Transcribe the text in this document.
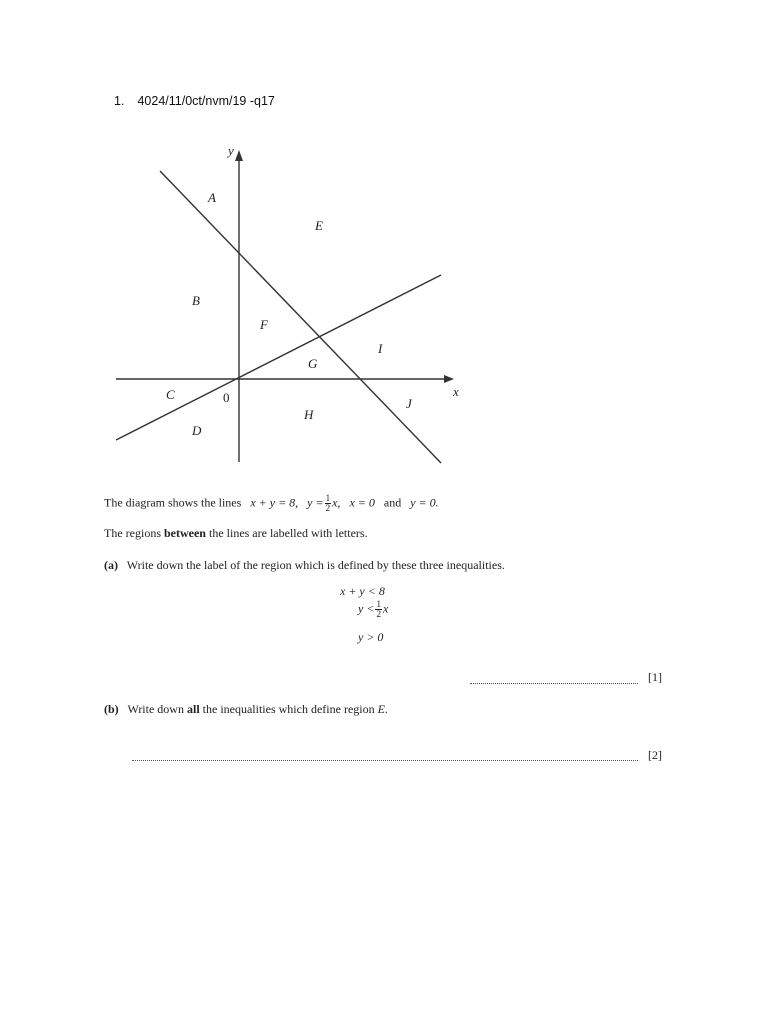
1. 4024/11/0ct/nvm/19 -q17
y
x
0
A
B
C
D
E
F
G
H
I
J
The diagram shows the lines x + y = 8, $y = \frac{1}{2} x$, x = 0 and y = 0.
The regions between the lines are labelled with letters.
(a) Write down the label of the region which is defined by these three inequalities.
x + y < 8
$y < \frac{1}{2}$ x
y > 0
[1]
(b) Write down all the inequalities which define region E.
[2]
